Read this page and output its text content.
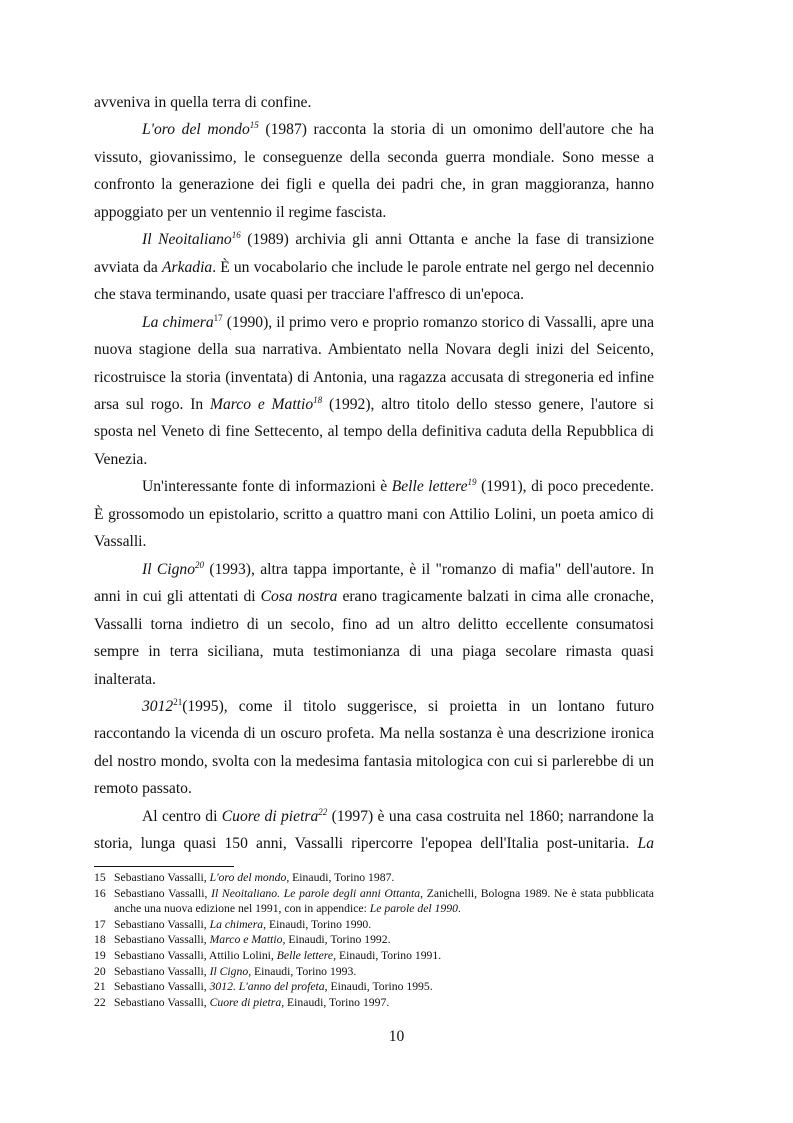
avveniva in quella terra di confine.

L'oro del mondo$^{15}$ (1987) racconta la storia di un omonimo dell'autore che ha vissuto, giovanissimo, le conseguenze della seconda guerra mondiale. Sono messe a confronto la generazione dei figli e quella dei padri che, in gran maggioranza, hanno appoggiato per un ventennio il regime fascista.

Il Neoitaliano$^{16}$ (1989) archivia gli anni Ottanta e anche la fase di transizione avviata da Arkadia. È un vocabolario che include le parole entrate nel gergo nel decennio che stava terminando, usate quasi per tracciare l'affresco di un'epoca.

La chimera$^{17}$ (1990), il primo vero e proprio romanzo storico di Vassalli, apre una nuova stagione della sua narrativa. Ambientato nella Novara degli inizi del Seicento, ricostruisce la storia (inventata) di Antonia, una ragazza accusata di stregoneria ed infine arsa sul rogo. In Marco e Mattio$^{18}$ (1992), altro titolo dello stesso genere, l'autore si sposta nel Veneto di fine Settecento, al tempo della definitiva caduta della Repubblica di Venezia.

Un'interessante fonte di informazioni è Belle lettere$^{19}$ (1991), di poco precedente. È grossomodo un epistolario, scritto a quattro mani con Attilio Lolini, un poeta amico di Vassalli.

Il Cigno$^{20}$ (1993), altra tappa importante, è il "romanzo di mafia" dell'autore. In anni in cui gli attentati di Cosa nostra erano tragicamente balzati in cima alle cronache, Vassalli torna indietro di un secolo, fino ad un altro delitto eccellente consumatosi sempre in terra siciliana, muta testimonianza di una piaga secolare rimasta quasi inalterata.

3012$^{21}$(1995), come il titolo suggerisce, si proietta in un lontano futuro raccontando la vicenda di un oscuro profeta. Ma nella sostanza è una descrizione ironica del nostro mondo, svolta con la medesima fantasia mitologica con cui si parlerebbe di un remoto passato.

Al centro di Cuore di pietra$^{22}$ (1997) è una casa costruita nel 1860; narrandone la storia, lunga quasi 150 anni, Vassalli ripercorre l'epopea dell'Italia post-unitaria. La

15 Sebastiano Vassalli, L'oro del mondo, Einaudi, Torino 1987.
16 Sebastiano Vassalli, Il Neoitaliano. Le parole degli anni Ottanta, Zanichelli, Bologna 1989. Ne è stata pubblicata anche una nuova edizione nel 1991, con in appendice: Le parole del 1990.
17 Sebastiano Vassalli, La chimera, Einaudi, Torino 1990.
18 Sebastiano Vassalli, Marco e Mattio, Einaudi, Torino 1992.
19 Sebastiano Vassalli, Attilio Lolini, Belle lettere, Einaudi, Torino 1991.
20 Sebastiano Vassalli, Il Cigno, Einaudi, Torino 1993.
21 Sebastiano Vassalli, 3012. L'anno del profeta, Einaudi, Torino 1995.
22 Sebastiano Vassalli, Cuore di pietra, Einaudi, Torino 1997.
10
